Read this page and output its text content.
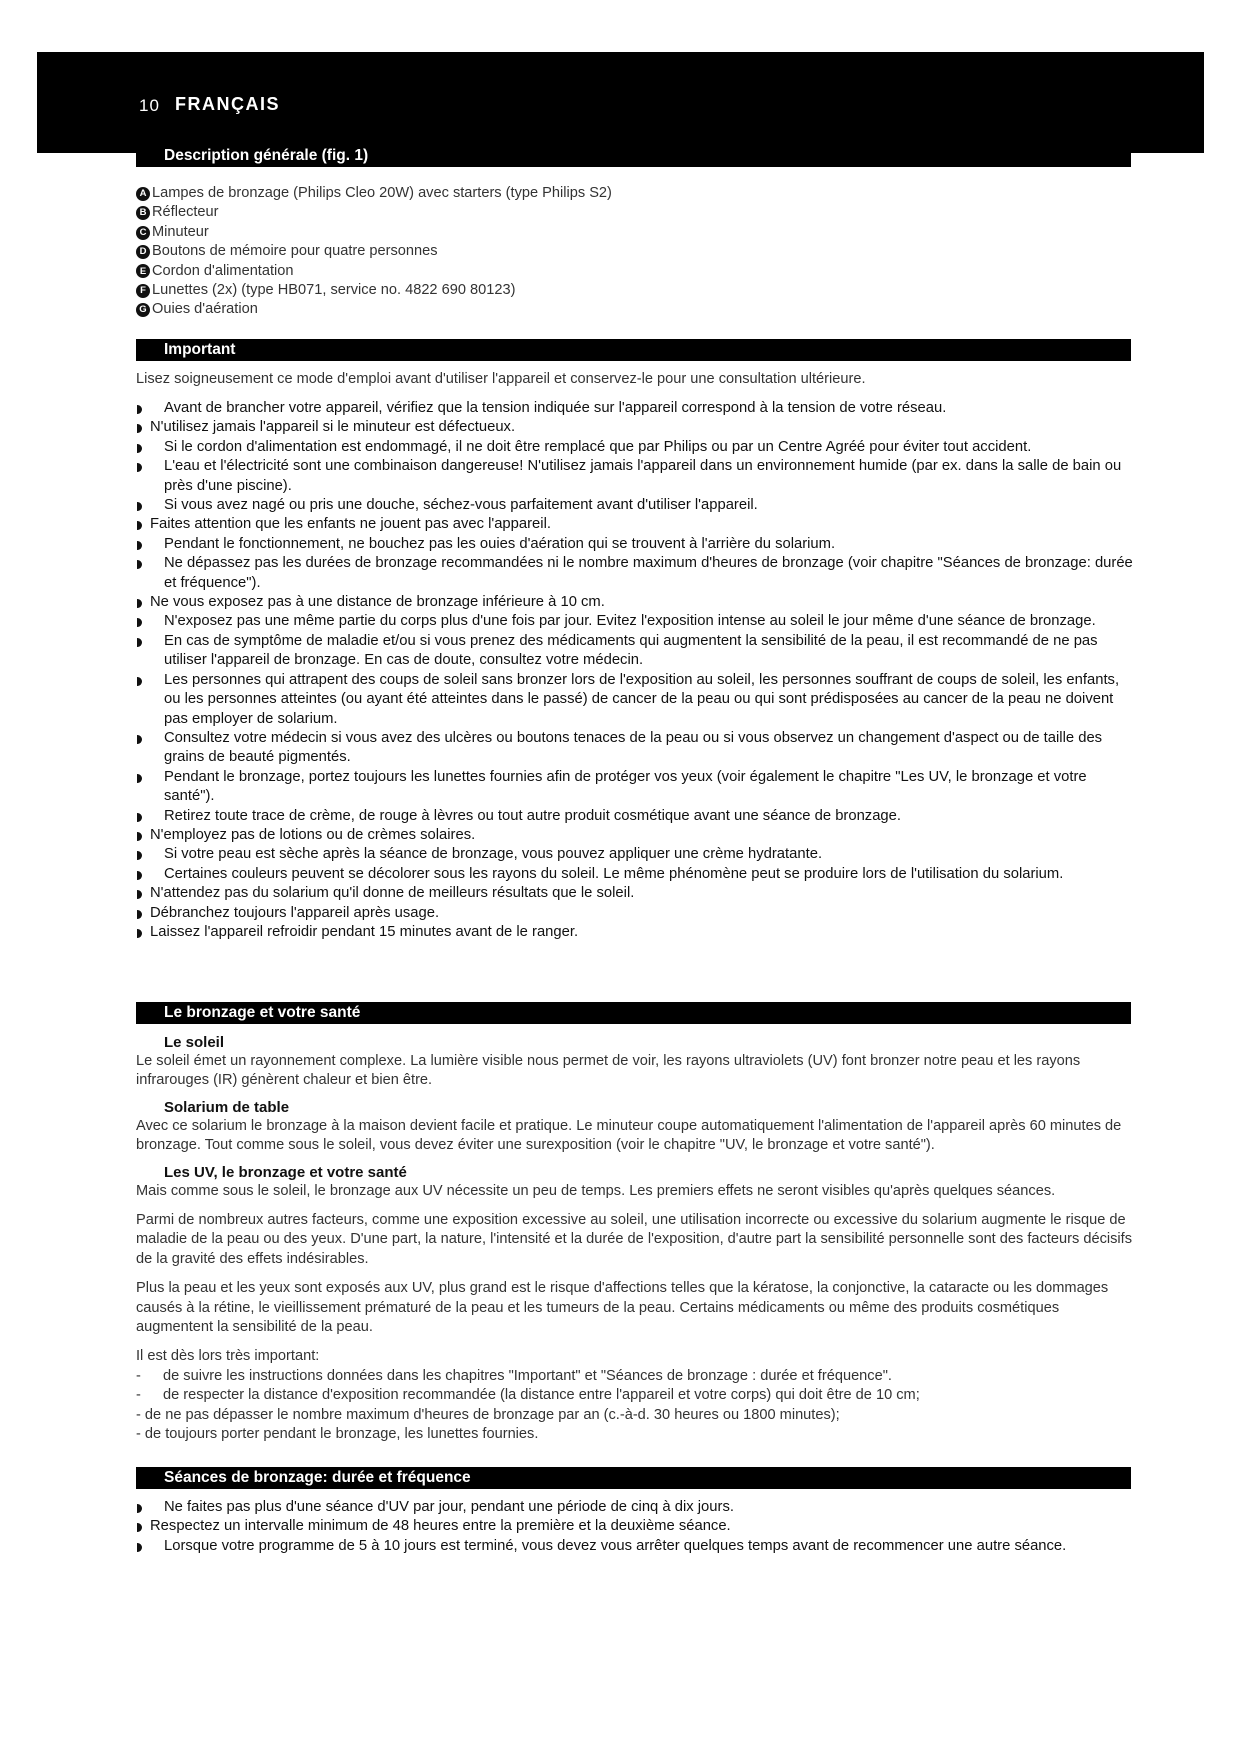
10 FRANÇAIS
Description générale (fig. 1)
A Lampes de bronzage (Philips Cleo 20W) avec starters (type Philips S2)
B Réflecteur
C Minuteur
D Boutons de mémoire pour quatre personnes
E Cordon d'alimentation
F Lunettes (2x) (type HB071, service no. 4822 690 80123)
G Ouies d'aération
Important
Lisez soigneusement ce mode d'emploi avant d'utiliser l'appareil et conservez-le pour une consultation ultérieure.
Avant de brancher votre appareil, vérifiez que la tension indiquée sur l'appareil correspond à la tension de votre réseau.
N'utilisez jamais l'appareil si le minuteur est défectueux.
Si le cordon d'alimentation est endommagé, il ne doit être remplacé que par Philips ou par un Centre Agréé pour éviter tout accident.
L'eau et l'électricité sont une combinaison dangereuse! N'utilisez jamais l'appareil dans un environnement humide (par ex. dans la salle de bain ou près d'une piscine).
Si vous avez nagé ou pris une douche, séchez-vous parfaitement avant d'utiliser l'appareil.
Faites attention que les enfants ne jouent pas avec l'appareil.
Pendant le fonctionnement, ne bouchez pas les ouies d'aération qui se trouvent à l'arrière du solarium.
Ne dépassez pas les durées de bronzage recommandées ni le nombre maximum d'heures de bronzage (voir chapitre "Séances de bronzage: durée et fréquence").
Ne vous exposez pas à une distance de bronzage inférieure à 10 cm.
N'exposez pas une même partie du corps plus d'une fois par jour. Evitez l'exposition intense au soleil le jour même d'une séance de bronzage.
En cas de symptôme de maladie et/ou si vous prenez des médicaments qui augmentent la sensibilité de la peau, il est recommandé de ne pas utiliser l'appareil de bronzage. En cas de doute, consultez votre médecin.
Les personnes qui attrapent des coups de soleil sans bronzer lors de l'exposition au soleil, les personnes souffrant de coups de soleil, les enfants, ou les personnes atteintes (ou ayant été atteintes dans le passé) de cancer de la peau ou qui sont prédisposées au cancer de la peau ne doivent pas employer de solarium.
Consultez votre médecin si vous avez des ulcères ou boutons tenaces de la peau ou si vous observez un changement d'aspect ou de taille des grains de beauté pigmentés.
Pendant le bronzage, portez toujours les lunettes fournies afin de protéger vos yeux (voir également le chapitre "Les UV, le bronzage et votre santé").
Retirez toute trace de crème, de rouge à lèvres ou tout autre produit cosmétique avant une séance de bronzage.
N'employez pas de lotions ou de crèmes solaires.
Si votre peau est sèche après la séance de bronzage, vous pouvez appliquer une crème hydratante.
Certaines couleurs peuvent se décolorer sous les rayons du soleil. Le même phénomène peut se produire lors de l'utilisation du solarium.
N'attendez pas du solarium qu'il donne de meilleurs résultats que le soleil.
Débranchez toujours l'appareil après usage.
Laissez l'appareil refroidir pendant 15 minutes avant de le ranger.
Le bronzage et votre santé
Le soleil

Le soleil émet un rayonnement complexe. La lumière visible nous permet de voir, les rayons ultraviolets (UV) font bronzer notre peau et les rayons infrarouges (IR) génèrent chaleur et bien être.

Solarium de table

Avec ce solarium le bronzage à la maison devient facile et pratique. Le minuteur coupe automatiquement l'alimentation de l'appareil après 60 minutes de bronzage. Tout comme sous le soleil, vous devez éviter une surexposition (voir le chapitre "UV, le bronzage et votre santé").

Les UV, le bronzage et votre santé

Mais comme sous le soleil, le bronzage aux UV nécessite un peu de temps. Les premiers effets ne seront visibles qu'après quelques séances.

Parmi de nombreux autres facteurs, comme une exposition excessive au soleil, une utilisation incorrecte ou excessive du solarium augmente le risque de maladie de la peau ou des yeux. D'une part, la nature, l'intensité et la durée de l'exposition, d'autre part la sensibilité personnelle sont des facteurs décisifs de la gravité des effets indésirables.

Plus la peau et les yeux sont exposés aux UV, plus grand est le risque d'affections telles que la kératose, la conjonctive, la cataracte ou les dommages causés à la rétine, le vieillissement prématuré de la peau et les tumeurs de la peau. Certains médicaments ou même des produits cosmétiques augmentent la sensibilité de la peau.

Il est dès lors très important:

- de suivre les instructions données dans les chapitres "Important" et "Séances de bronzage : durée et fréquence".
- de respecter la distance d'exposition recommandée (la distance entre l'appareil et votre corps) qui doit être de 10 cm;
- de ne pas dépasser le nombre maximum d'heures de bronzage par an (c.-à-d. 30 heures ou 1800 minutes);
- de toujours porter pendant le bronzage, les lunettes fournies.
Séances de bronzage: durée et fréquence
Ne faites pas plus d'une séance d'UV par jour, pendant une période de cinq à dix jours.
Respectez un intervalle minimum de 48 heures entre la première et la deuxième séance.
Lorsque votre programme de 5 à 10 jours est terminé, vous devez vous arrêter quelques temps avant de recommencer une autre séance.
